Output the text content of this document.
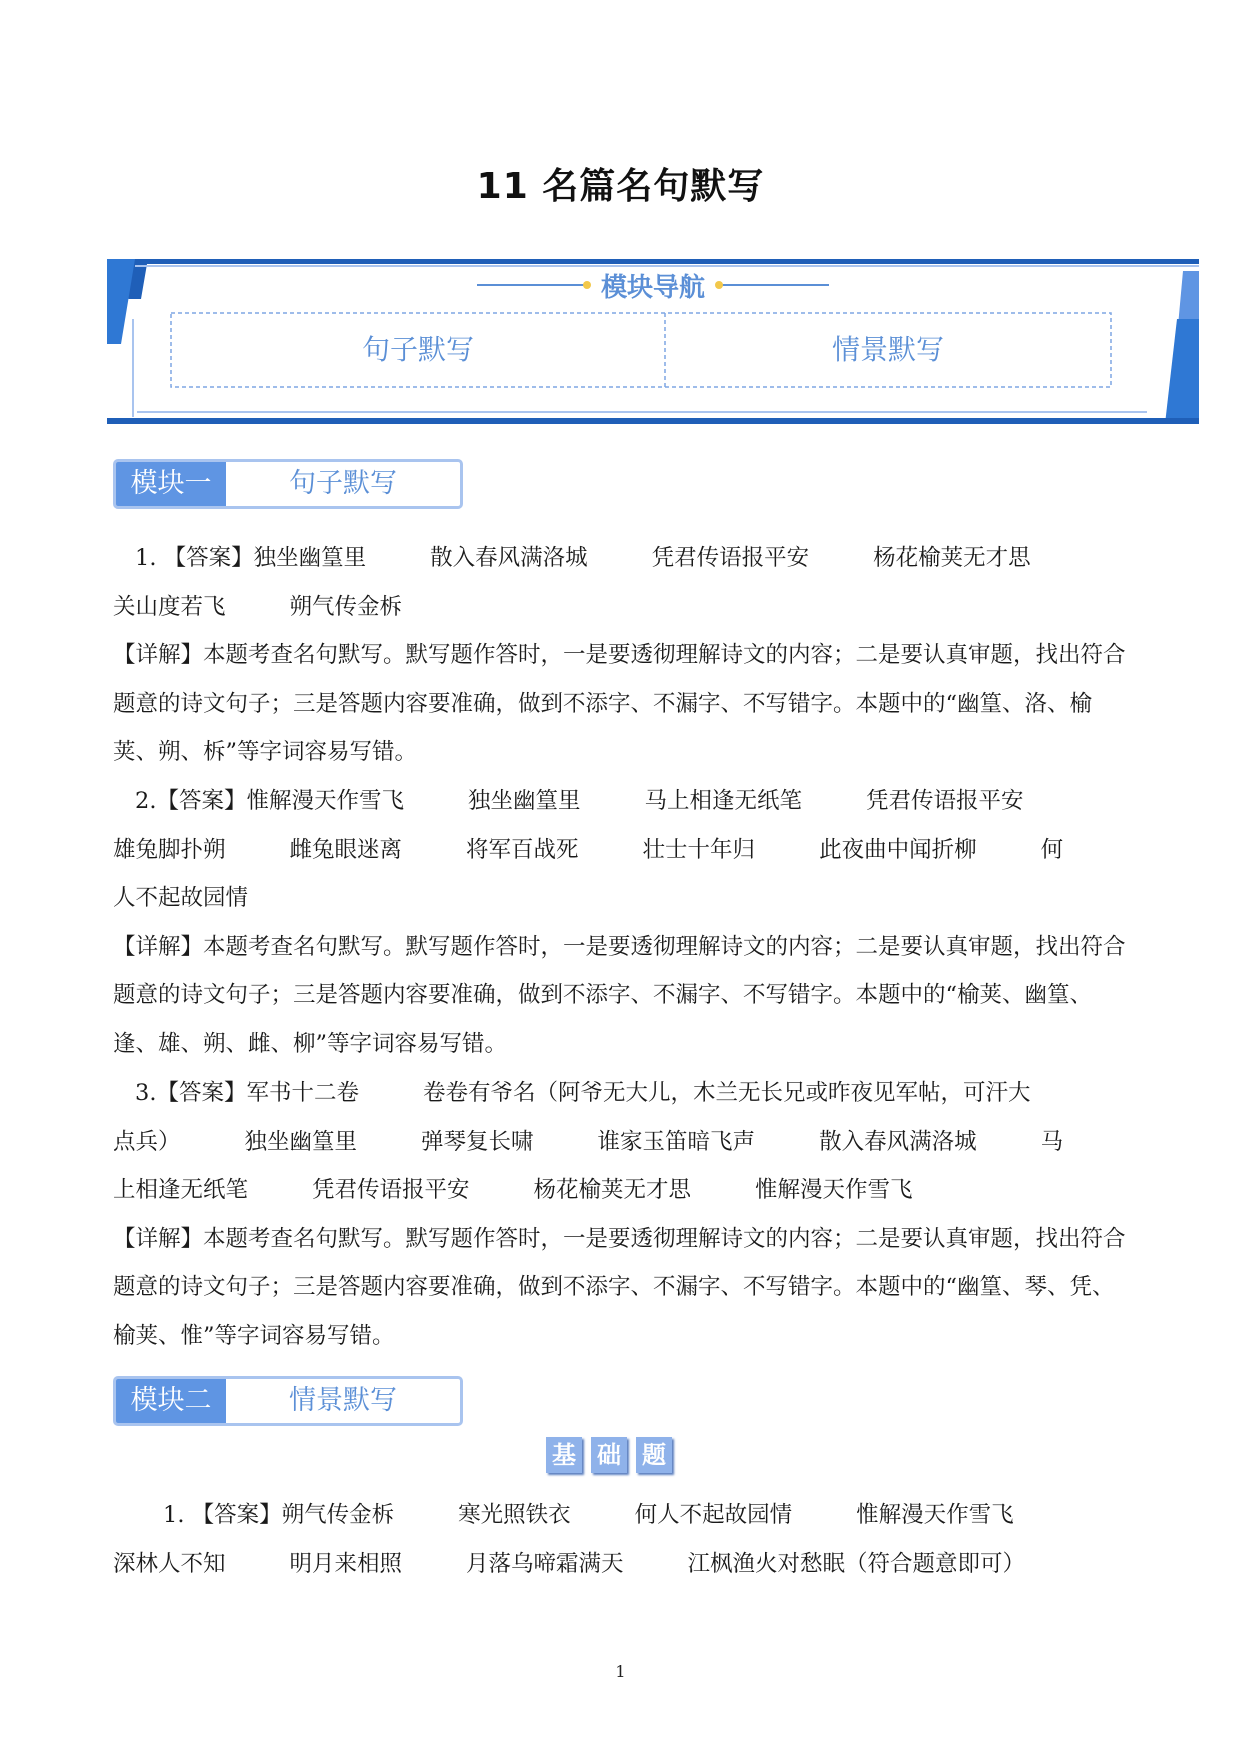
11 名篇名句默写
模块导航
句子默写	情景默写
模块一	句子默写

1. 【答案】独坐幽篁里	散入春风满洛城	凭君传语报平安	杨花榆荚无才思

关山度若飞	朔气传金柝

【详解】本题考查名句默写。默写题作答时，一是要透彻理解诗文的内容；二是要认真审题，找出符合题意的诗文句子；三是答题内容要准确，做到不添字、不漏字、不写错字。本题中的“幽篁、洛、榆荚、朔、柝”等字词容易写错。

2.【答案】惟解漫天作雪飞	独坐幽篁里	马上相逢无纸笔	凭君传语报平安

雄兔脚扑朔	雌兔眼迷离	将军百战死	壮士十年归	此夜曲中闻折柳	何

人不起故园情

【详解】本题考查名句默写。默写题作答时，一是要透彻理解诗文的内容；二是要认真审题，找出符合题意的诗文句子；三是答题内容要准确，做到不添字、不漏字、不写错字。本题中的“榆荚、幽篁、逢、雄、朔、雌、柳”等字词容易写错。

3.【答案】军书十二卷	卷卷有爷名（阿爷无大儿，木兰无长兄或昨夜见军帖，可汗大

点兵）	独坐幽篁里	弹琴复长啸	谁家玉笛暗飞声	散入春风满洛城	马

上相逢无纸笔	凭君传语报平安	杨花榆荚无才思	惟解漫天作雪飞

【详解】本题考查名句默写。默写题作答时，一是要透彻理解诗文的内容；二是要认真审题，找出符合题意的诗文句子；三是答题内容要准确，做到不添字、不漏字、不写错字。本题中的“幽篁、琴、凭、榆荚、惟”等字词容易写错。

模块二	情景默写
基 础 题

1. 【答案】朔气传金柝	寒光照铁衣	何人不起故园情	惟解漫天作雪飞

深林人不知	明月来相照	月落乌啼霜满天	江枫渔火对愁眠（符合题意即可）

1
